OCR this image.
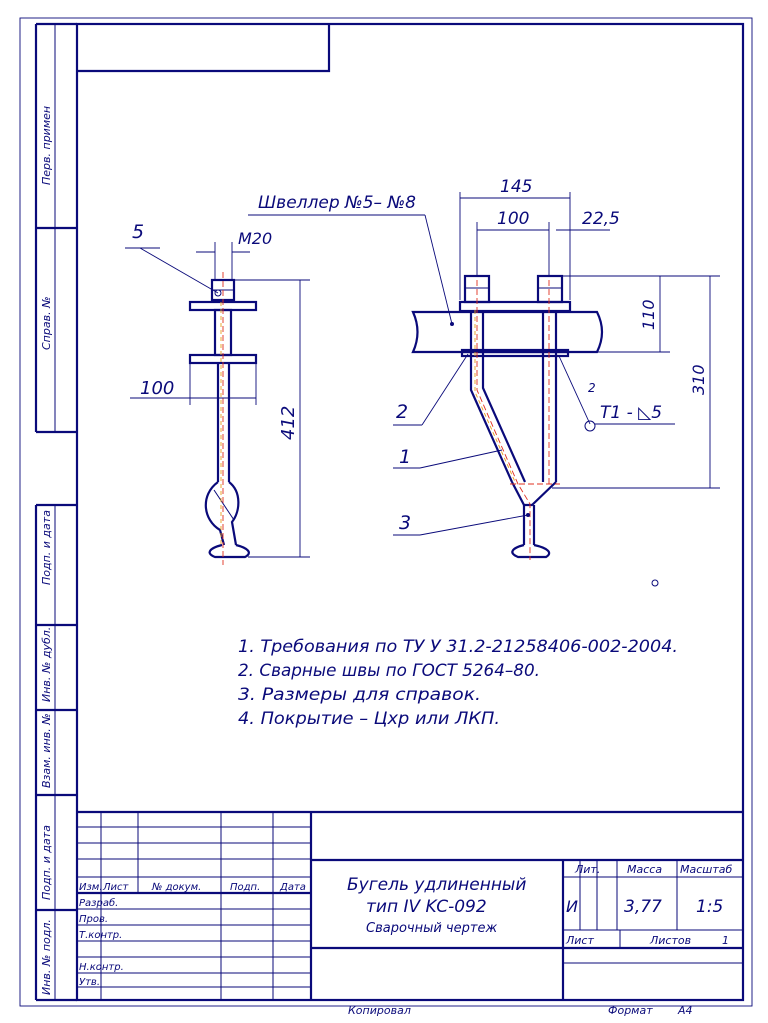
Перв. примен
Справ. №
Подп. и дата
Инв. № дубл.
Взам. инв. №
Подп. и дата
Инв. № подл.
5	M20
100
412
Швеллер №5– №8
145
100	22,5
110
310
2
1
3
T1 - ◺5
2
1. Требования по ТУ У 31.2-21258406-002-2004.
2. Сварные швы по ГОСТ 5264–80.
3. Размеры для справок.
4. Покрытие – Цхр или ЛКП.
Изм. Лист № докум.	Подп. Дата
Разраб.
Пров.
Т.контр.
Н.контр.
Утв.
Бугель удлиненный
тип IV KC-092
Сварочный чертеж
Лит. Масса Масштаб
И	3,77 1:5
Лист	Листов	1
Копировал	Формат A4
